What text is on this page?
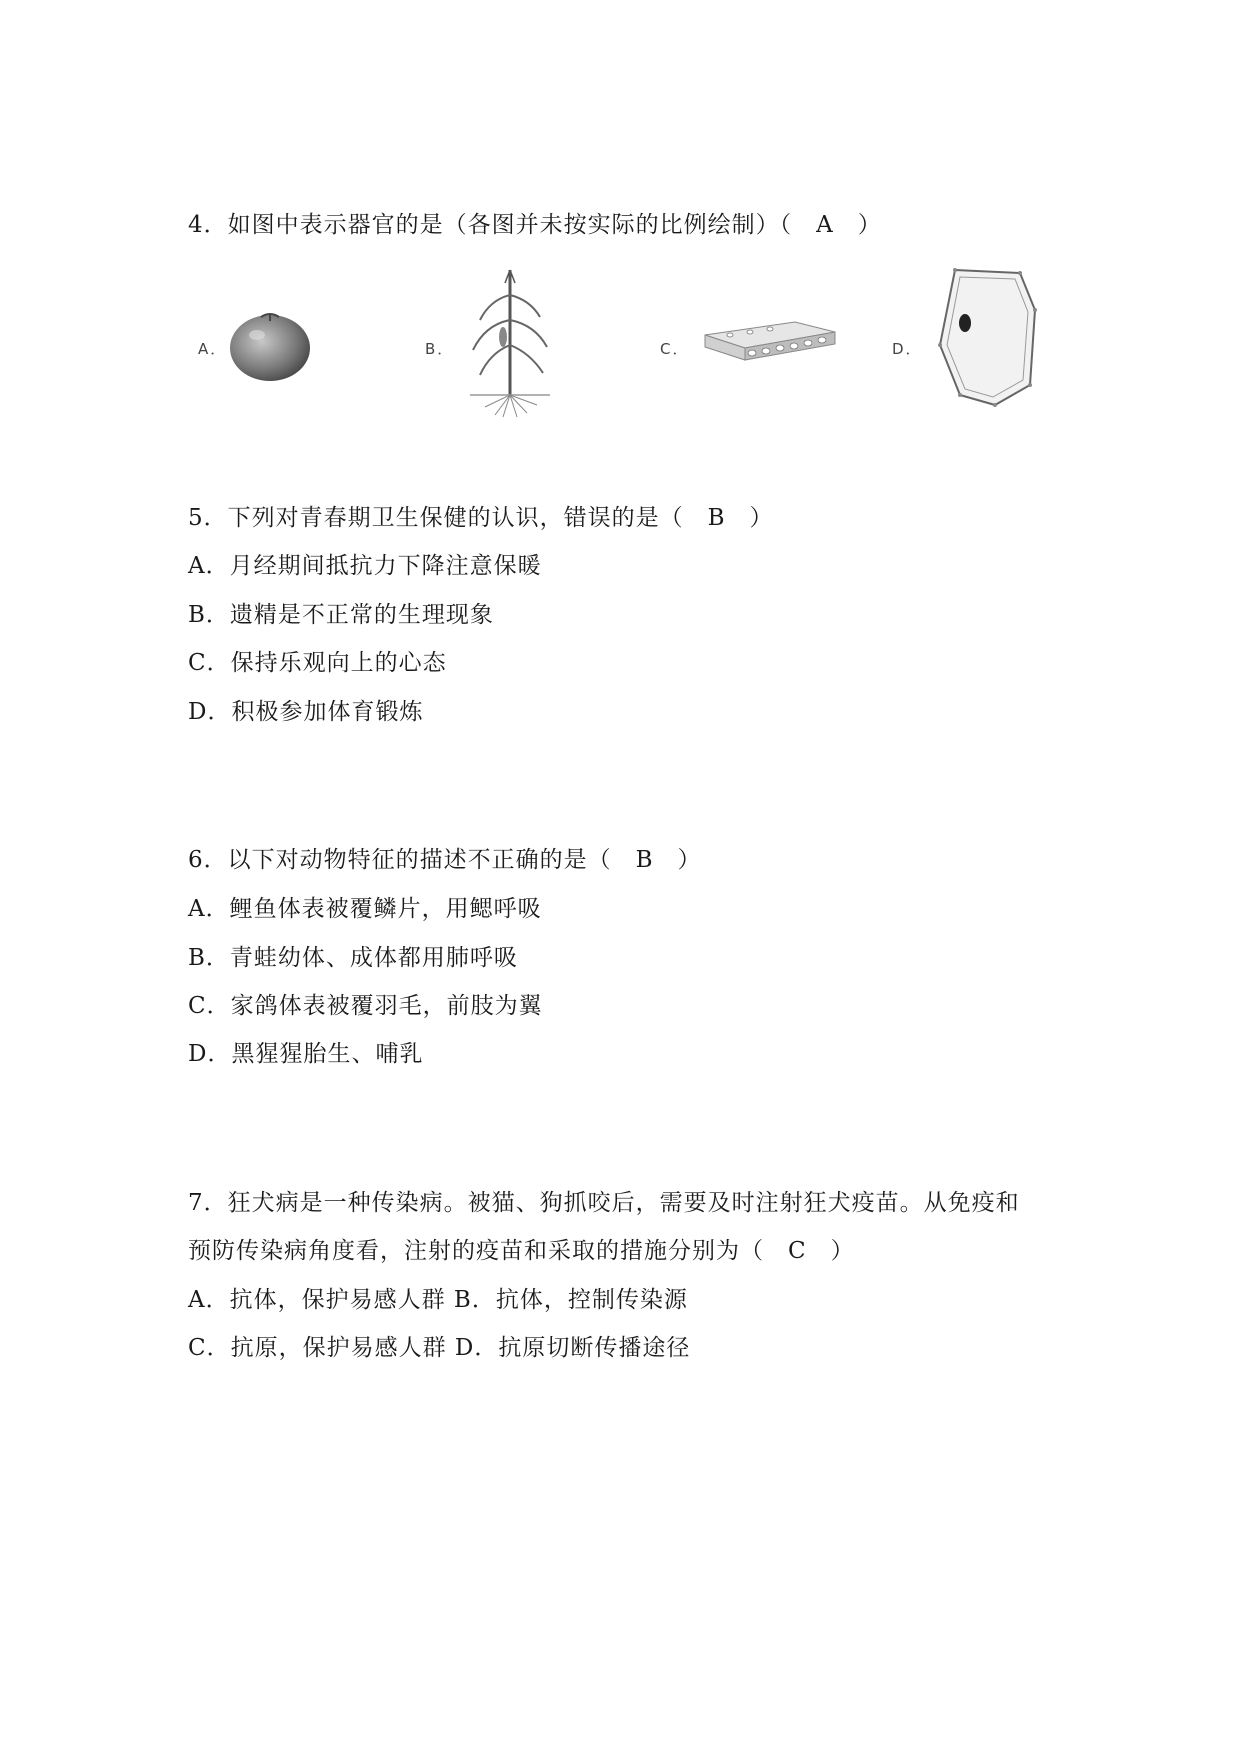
4．如图中表示器官的是（各图并未按实际的比例绘制）（　A　）
A．	B．	C．	D．
5．下列对青春期卫生保健的认识，错误的是（　B　）
A．月经期间抵抗力下降注意保暖
B．遗精是不正常的生理现象
C．保持乐观向上的心态
D．积极参加体育锻炼
6．以下对动物特征的描述不正确的是（　B　）
A．鲤鱼体表被覆鳞片，用鳃呼吸
B．青蛙幼体、成体都用肺呼吸
C．家鸽体表被覆羽毛，前肢为翼
D．黑猩猩胎生、哺乳
7．狂犬病是一种传染病。被猫、狗抓咬后，需要及时注射狂犬疫苗。从免疫和
预防传染病角度看，注射的疫苗和采取的措施分别为（　C　）
A．抗体，保护易感人群 B．抗体，控制传染源
C．抗原，保护易感人群 D．抗原切断传播途径
